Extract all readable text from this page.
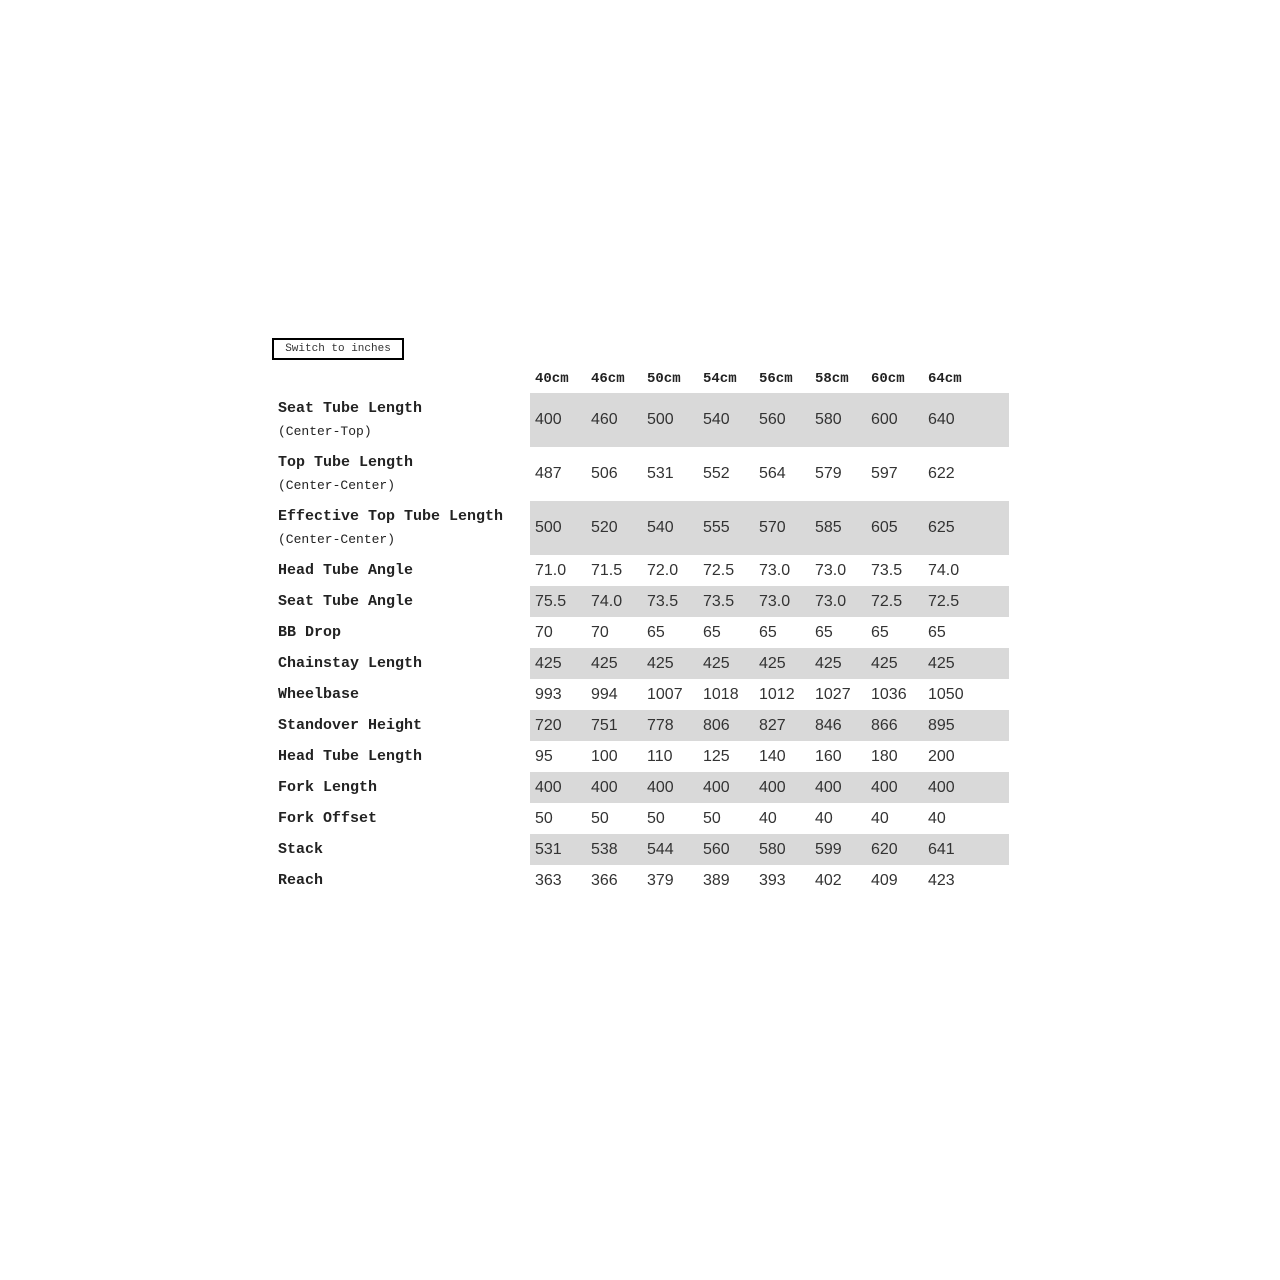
Switch to inches
	40cm	46cm	50cm	54cm	56cm	58cm	60cm	64cm
Seat Tube Length
(Center-Top)	400	460	500	540	560	580	600	640
Top Tube Length
(Center-Center)	487	506	531	552	564	579	597	622
Effective Top Tube Length
(Center-Center)	500	520	540	555	570	585	605	625
Head Tube Angle	71.0	71.5	72.0	72.5	73.0	73.0	73.5	74.0
Seat Tube Angle	75.5	74.0	73.5	73.5	73.0	73.0	72.5	72.5
BB Drop	70	70	65	65	65	65	65	65
Chainstay Length	425	425	425	425	425	425	425	425
Wheelbase	993	994	1007	1018	1012	1027	1036	1050
Standover Height	720	751	778	806	827	846	866	895
Head Tube Length	95	100	110	125	140	160	180	200
Fork Length	400	400	400	400	400	400	400	400
Fork Offset	50	50	50	50	40	40	40	40
Stack	531	538	544	560	580	599	620	641
Reach	363	366	379	389	393	402	409	423
